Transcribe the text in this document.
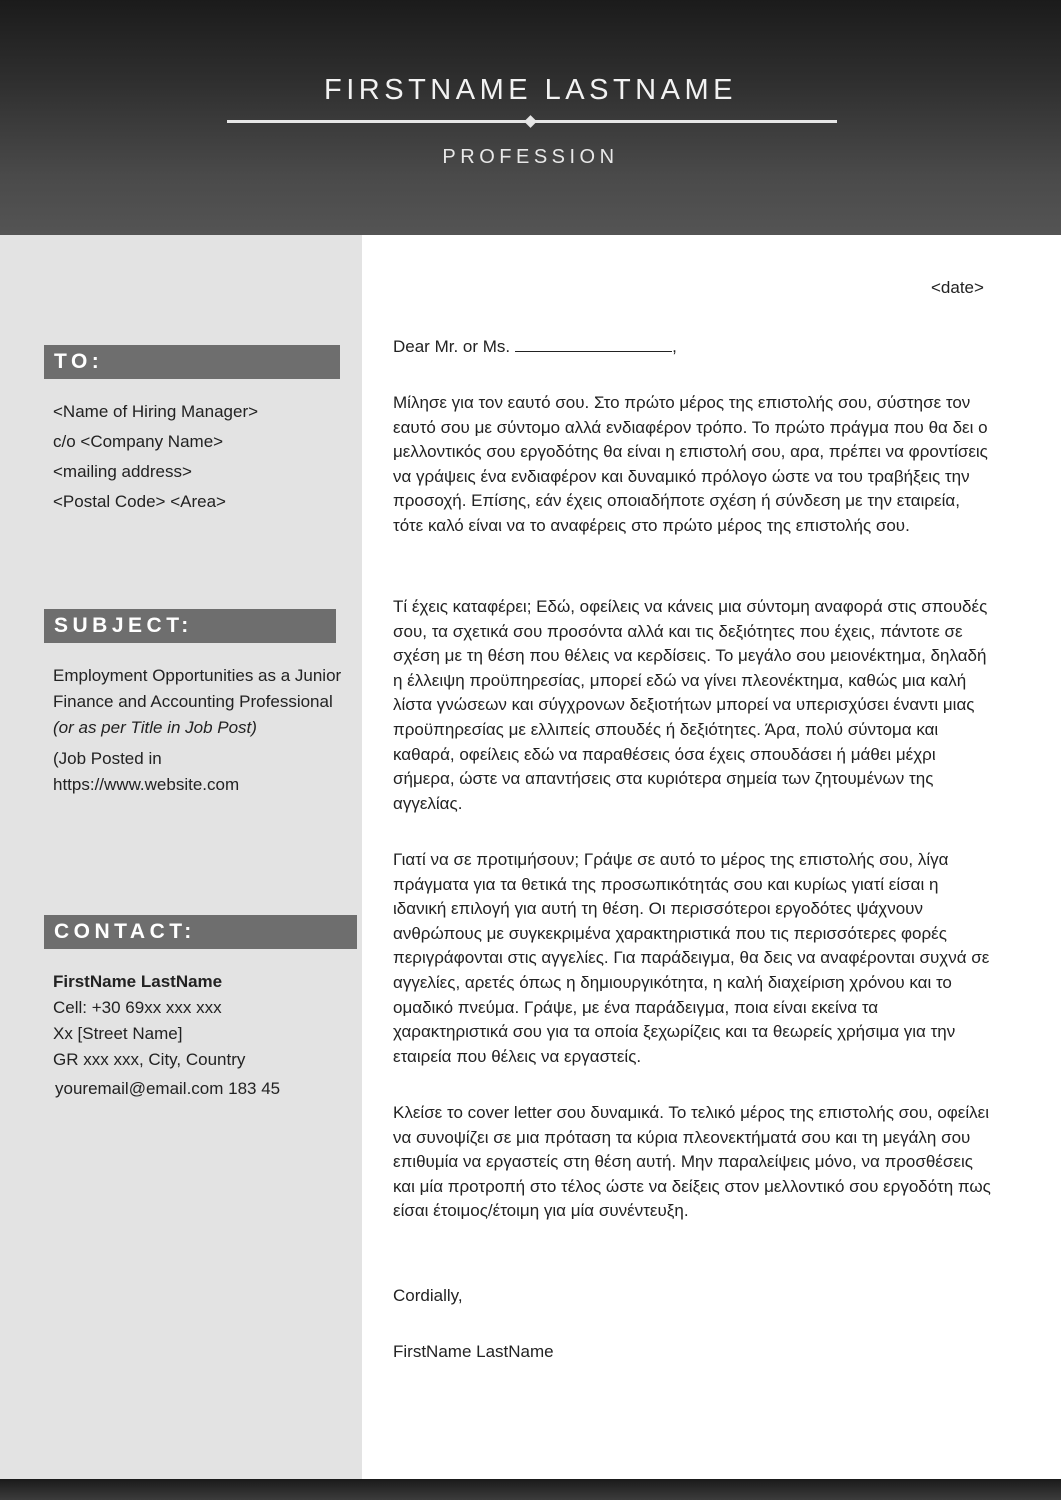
FIRSTNAME LASTNAME
PROFESSION
TO:
<Name of Hiring Manager>
c/o <Company Name>
<mailing address>
<Postal Code> <Area>
SUBJECT:
Employment Opportunities as a Junior Finance and Accounting Professional (or as per Title in Job Post)
(Job Posted in https://www.website.com
CONTACT:
FirstName LastName
Cell: +30 69xx xxx xxx
Xx [Street Name]
GR xxx xxx, City, Country
youremail@email.com 183 45
<date>
Dear Mr. or Ms.	,
Μίλησε για τον εαυτό σου. Στο πρώτο μέρος της επιστολής σου, σύστησε τον εαυτό σου με σύντομο αλλά ενδιαφέρον τρόπο. Το πρώτο πράγμα που θα δει ο μελλοντικός σου εργοδότης θα είναι η επιστολή σου, αρα, πρέπει να φροντίσεις να γράψεις ένα ενδιαφέρον και δυναμικό πρόλογο ώστε να του τραβήξεις την προσοχή. Επίσης, εάν έχεις οποιαδήποτε σχέση ή σύνδεση με την εταιρεία, τότε καλό είναι να το αναφέρεις στο πρώτο μέρος της επιστολής σου.
Τί έχεις καταφέρει; Εδώ, οφείλεις να κάνεις μια σύντομη αναφορά στις σπουδές σου, τα σχετικά σου προσόντα αλλά και τις δεξιότητες που έχεις, πάντοτε σε σχέση με τη θέση που θέλεις να κερδίσεις. Το μεγάλο σου μειονέκτημα, δηλαδή η έλλειψη προϋπηρεσίας, μπορεί εδώ να γίνει πλεονέκτημα, καθώς μια καλή λίστα γνώσεων και σύγχρονων δεξιοτήτων μπορεί να υπερισχύσει έναντι μιας προϋπηρεσίας με ελλιπείς σπουδές ή δεξιότητες. Άρα, πολύ σύντομα και καθαρά, οφείλεις εδώ να παραθέσεις όσα έχεις σπουδάσει ή μάθει μέχρι σήμερα, ώστε να απαντήσεις στα κυριότερα σημεία των ζητουμένων της αγγελίας.
Γιατί να σε προτιμήσουν; Γράψε σε αυτό το μέρος της επιστολής σου, λίγα πράγματα για τα θετικά της προσωπικότητάς σου και κυρίως γιατί είσαι η ιδανική επιλογή για αυτή τη θέση. Οι περισσότεροι εργοδότες ψάχνουν ανθρώπους με συγκεκριμένα χαρακτηριστικά που τις περισσότερες φορές περιγράφονται στις αγγελίες. Για παράδειγμα, θα δεις να αναφέρονται συχνά σε αγγελίες, αρετές όπως η δημιουργικότητα, η καλή διαχείριση χρόνου και το ομαδικό πνεύμα. Γράψε, με ένα παράδειγμα, ποια είναι εκείνα τα χαρακτηριστικά σου για τα οποία ξεχωρίζεις και τα θεωρείς χρήσιμα για την εταιρεία που θέλεις να εργαστείς.
Κλείσε το cover letter σου δυναμικά. Το τελικό μέρος της επιστολής σου, οφείλει να συνοψίζει σε μια πρόταση τα κύρια πλεονεκτήματά σου και τη μεγάλη σου επιθυμία να εργαστείς στη θέση αυτή. Μην παραλείψεις μόνο, να προσθέσεις και μία προτροπή στο τέλος ώστε να δείξεις στον μελλοντικό σου εργοδότη πως είσαι έτοιμος/έτοιμη για μία συνέντευξη.
Cordially,
FirstName LastName
